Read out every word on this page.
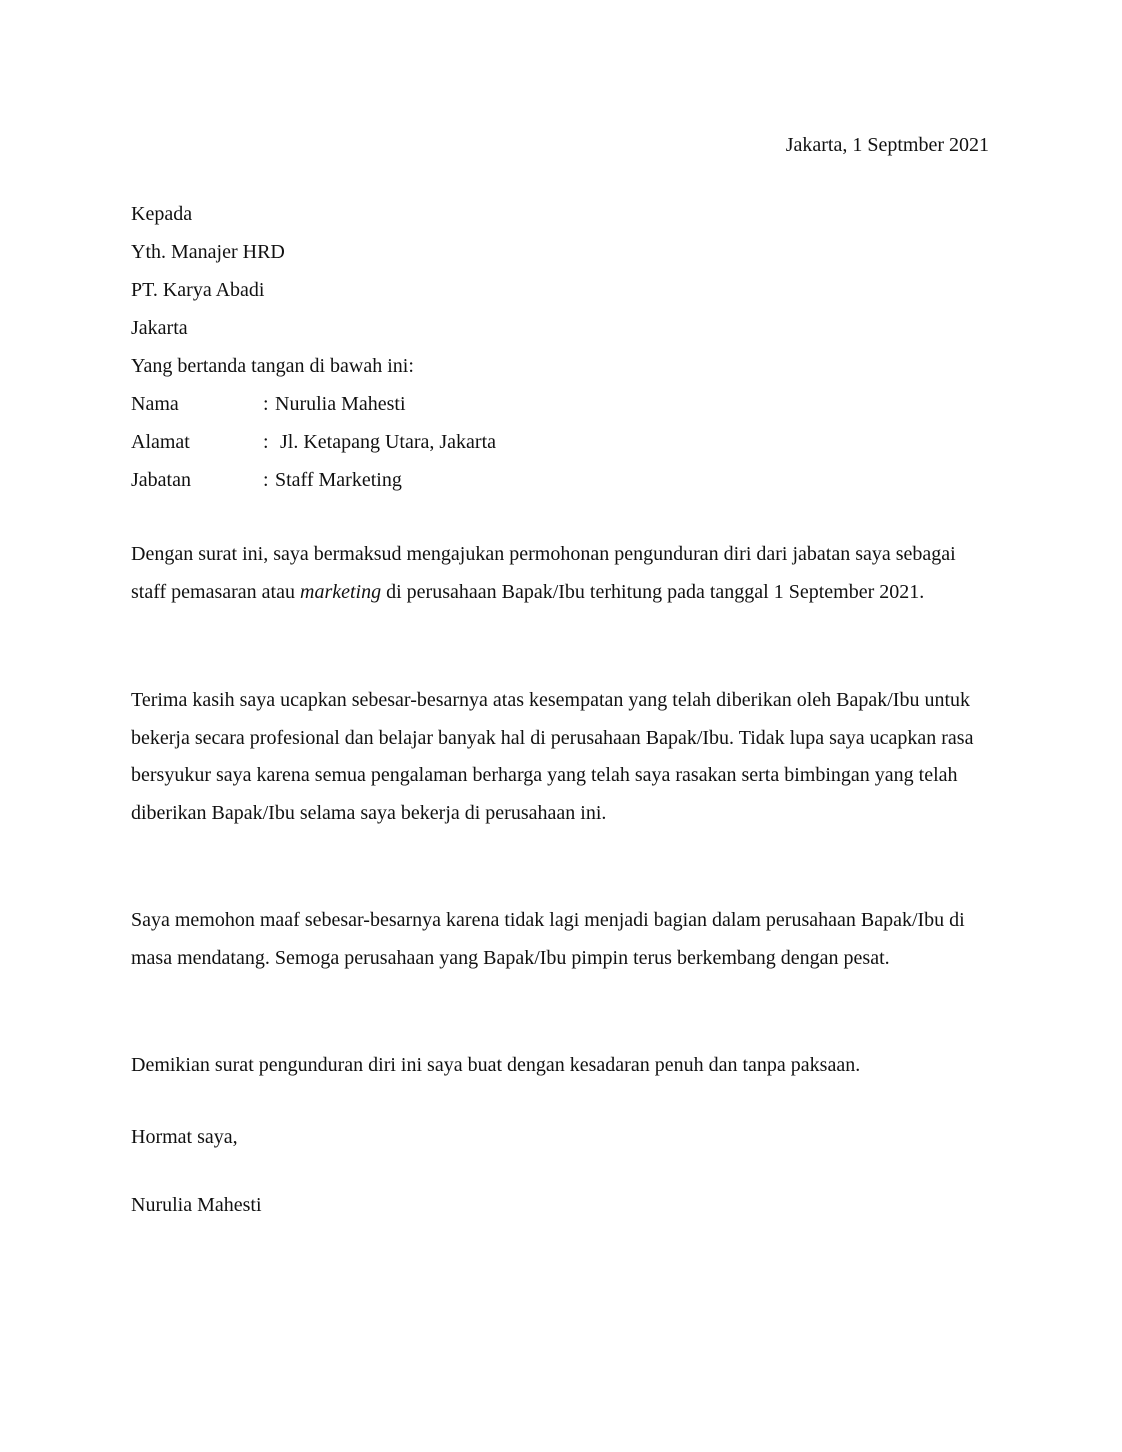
Jakarta, 1 Septmber 2021
Kepada
Yth. Manajer HRD
PT. Karya Abadi
Jakarta
Yang bertanda tangan di bawah ini:
Nama	: Nurulia Mahesti
Alamat	: Jl. Ketapang Utara, Jakarta
Jabatan	: Staff Marketing

Dengan surat ini, saya bermaksud mengajukan permohonan pengunduran diri dari jabatan saya sebagai staff pemasaran atau marketing di perusahaan Bapak/Ibu terhitung pada tanggal 1 September 2021.

Terima kasih saya ucapkan sebesar-besarnya atas kesempatan yang telah diberikan oleh Bapak/Ibu untuk bekerja secara profesional dan belajar banyak hal di perusahaan Bapak/Ibu. Tidak lupa saya ucapkan rasa bersyukur saya karena semua pengalaman berharga yang telah saya rasakan serta bimbingan yang telah diberikan Bapak/Ibu selama saya bekerja di perusahaan ini.

Saya memohon maaf sebesar-besarnya karena tidak lagi menjadi bagian dalam perusahaan Bapak/Ibu di masa mendatang. Semoga perusahaan yang Bapak/Ibu pimpin terus berkembang dengan pesat.

Demikian surat pengunduran diri ini saya buat dengan kesadaran penuh dan tanpa paksaan.

Hormat saya,
Nurulia Mahesti
